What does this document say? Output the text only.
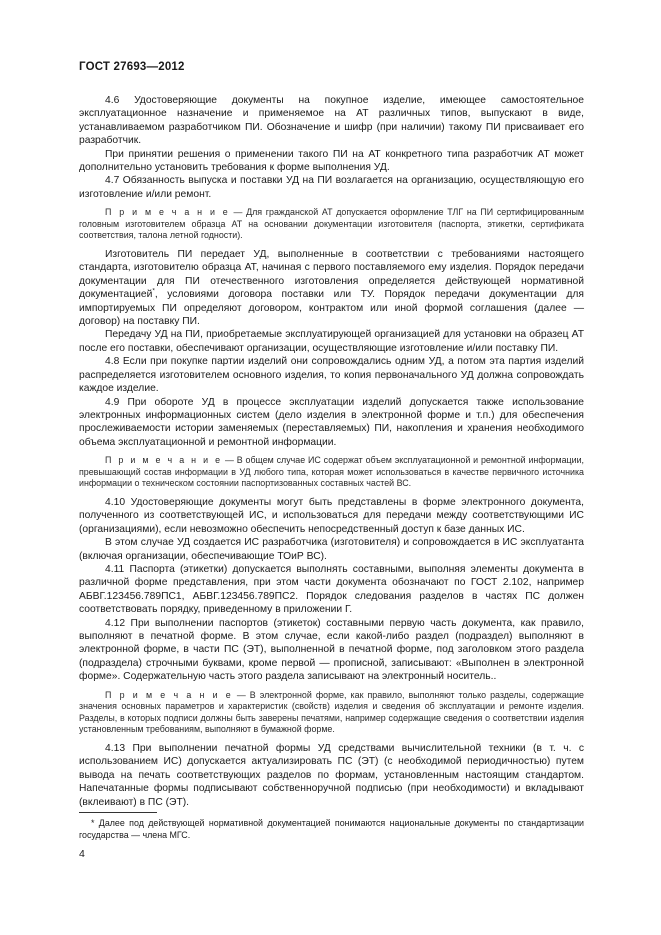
ГОСТ 27693—2012

4.6 Удостоверяющие документы на покупное изделие, имеющее самостоятельное эксплуатационное назначение и применяемое на АТ различных типов, выпускают в виде, устанавливаемом разработчиком ПИ. Обозначение и шифр (при наличии) такому ПИ присваивает его разработчик.

При принятии решения о применении такого ПИ на АТ конкретного типа разработчик АТ может дополнительно установить требования к форме выполнения УД.

4.7 Обязанность выпуска и поставки УД на ПИ возлагается на организацию, осуществляющую его изготовление и/или ремонт.

П р и м е ч а н и е — Для гражданской АТ допускается оформление ТЛГ на ПИ сертифицированным головным изготовителем образца АТ на основании документации изготовителя (паспорта, этикетки, сертификата соответствия, талона летной годности).

Изготовитель ПИ передает УД, выполненные в соответствии с требованиями настоящего стандарта, изготовителю образца АТ, начиная с первого поставляемого ему изделия. Порядок передачи документации для ПИ отечественного изготовления определяется действующей нормативной документацией*, условиями договора поставки или ТУ. Порядок передачи документации для импортируемых ПИ определяют договором, контрактом или иной формой соглашения (далее — договор) на поставку ПИ.

Передачу УД на ПИ, приобретаемые эксплуатирующей организацией для установки на образец АТ после его поставки, обеспечивают организации, осуществляющие изготовление и/или поставку ПИ.

4.8 Если при покупке партии изделий они сопровождались одним УД, а потом эта партия изделий распределяется изготовителем основного изделия, то копия первоначального УД должна сопровождать каждое изделие.

4.9 При обороте УД в процессе эксплуатации изделий допускается также использование электронных информационных систем (дело изделия в электронной форме и т.п.) для обеспечения прослеживаемости истории заменяемых (переставляемых) ПИ, накопления и хранения необходимого объема эксплуатационной и ремонтной информации.

П р и м е ч а н и е — В общем случае ИС содержат объем эксплуатационной и ремонтной информации, превышающий состав информации в УД любого типа, которая может использоваться в качестве первичного источника информации о техническом состоянии паспортизованных составных частей ВС.

4.10 Удостоверяющие документы могут быть представлены в форме электронного документа, полученного из соответствующей ИС, и использоваться для передачи между соответствующими ИС (организациями), если невозможно обеспечить непосредственный доступ к базе данных ИС.

В этом случае УД создается ИС разработчика (изготовителя) и сопровождается в ИС эксплуатанта (включая организации, обеспечивающие ТОиР ВС).

4.11 Паспорта (этикетки) допускается выполнять составными, выполняя элементы документа в различной форме представления, при этом части документа обозначают по ГОСТ 2.102, например АБВГ.123456.789ПС1, АБВГ.123456.789ПС2. Порядок следования разделов в частях ПС должен соответствовать порядку, приведенному в приложении Г.

4.12 При выполнении паспортов (этикеток) составными первую часть документа, как правило, выполняют в печатной форме. В этом случае, если какой-либо раздел (подраздел) выполняют в электронной форме, в части ПС (ЭТ), выполненной в печатной форме, под заголовком этого раздела (подраздела) строчными буквами, кроме первой — прописной, записывают: «Выполнен в электронной форме». Содержательную часть этого раздела записывают на электронный носитель..

П р и м е ч а н и е — В электронной форме, как правило, выполняют только разделы, содержащие значения основных параметров и характеристик (свойств) изделия и сведения об эксплуатации и ремонте изделия. Разделы, в которых подписи должны быть заверены печатями, например содержащие сведения о соответствии изделия установленным требованиям, выполняют в бумажной форме.

4.13 При выполнении печатной формы УД средствами вычислительной техники (в т. ч. с использованием ИС) допускается актуализировать ПС (ЭТ) (с необходимой периодичностью) путем вывода на печать соответствующих разделов по формам, установленным настоящим стандартом. Напечатанные формы подписывают собственноручной подписью (при необходимости) и вкладывают (вклеивают) в ПС (ЭТ).

* Далее под действующей нормативной документацией понимаются национальные документы по стандартизации государства — члена МГС.

4
